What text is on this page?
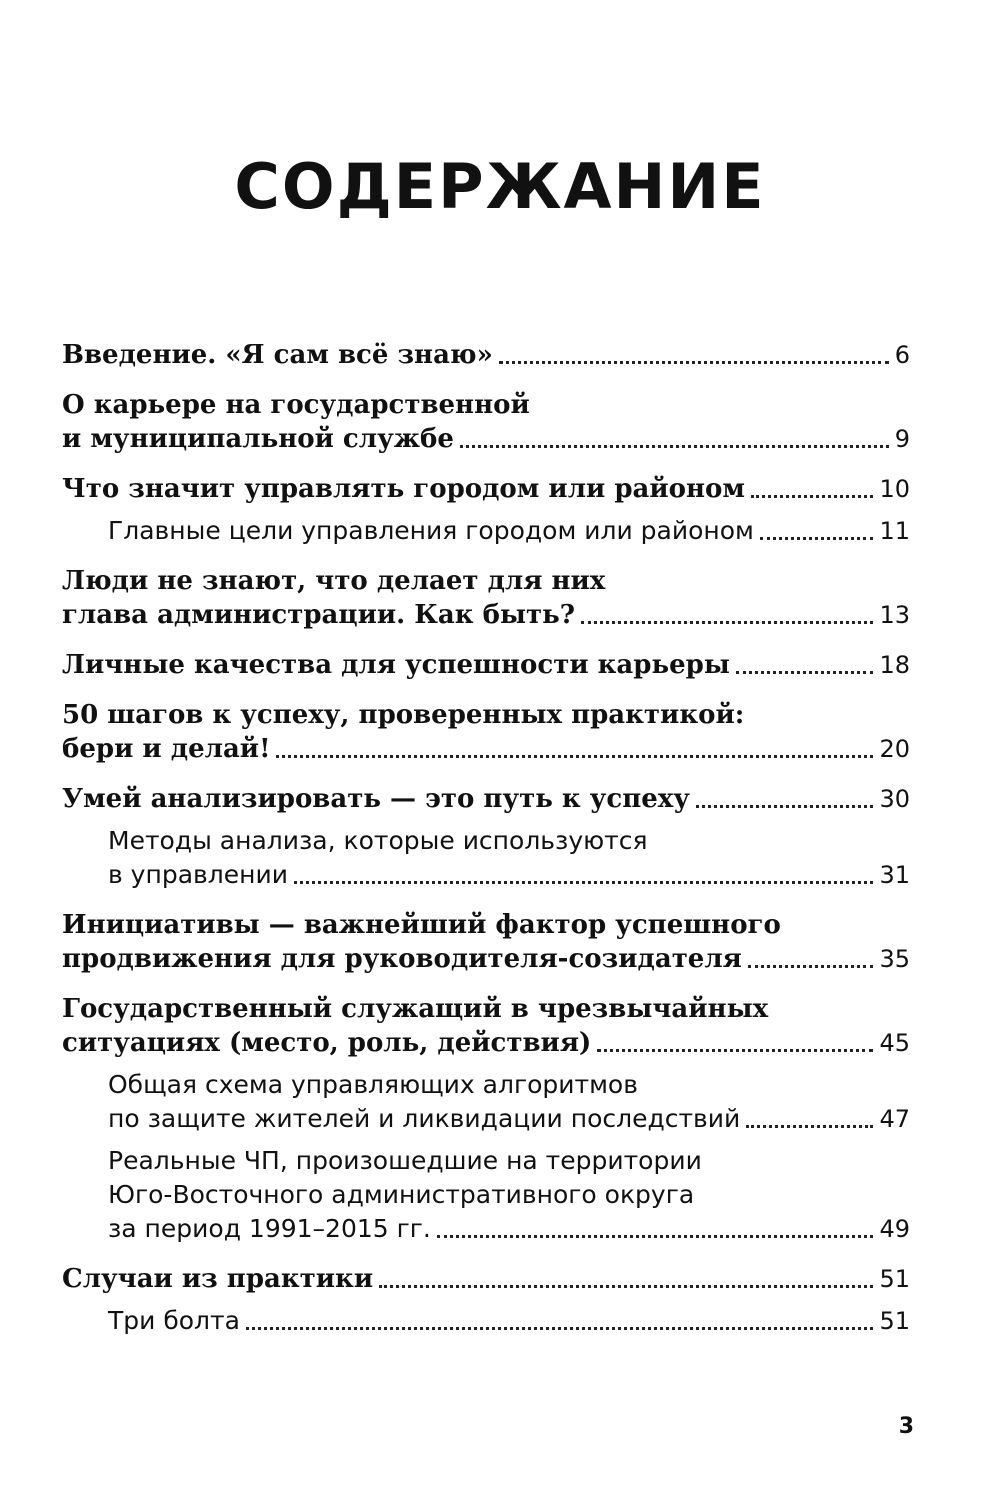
СОДЕРЖАНИЕ
Введение. «Я сам всё знаю»	6
О карьере на государственной
и муниципальной службе	9
Что значит управлять городом или районом	10
Главные цели управления городом или районом	11
Люди не знают, что делает для них
глава администрации. Как быть?	13
Личные качества для успешности карьеры	18
50 шагов к успеху, проверенных практикой:
бери и делай!	20
Умей анализировать — это путь к успеху	30
Методы анализа, которые используются
в управлении	31
Инициативы — важнейший фактор успешного
продвижения для руководителя-созидателя	35
Государственный служащий в чрезвычайных
ситуациях (место, роль, действия)	45
Общая схема управляющих алгоритмов
по защите жителей и ликвидации последствий	47
Реальные ЧП, произошедшие на территории
Юго-Восточного административного округа
за период 1991–2015 гг.	49
Случаи из практики	51
Три болта	51
3
